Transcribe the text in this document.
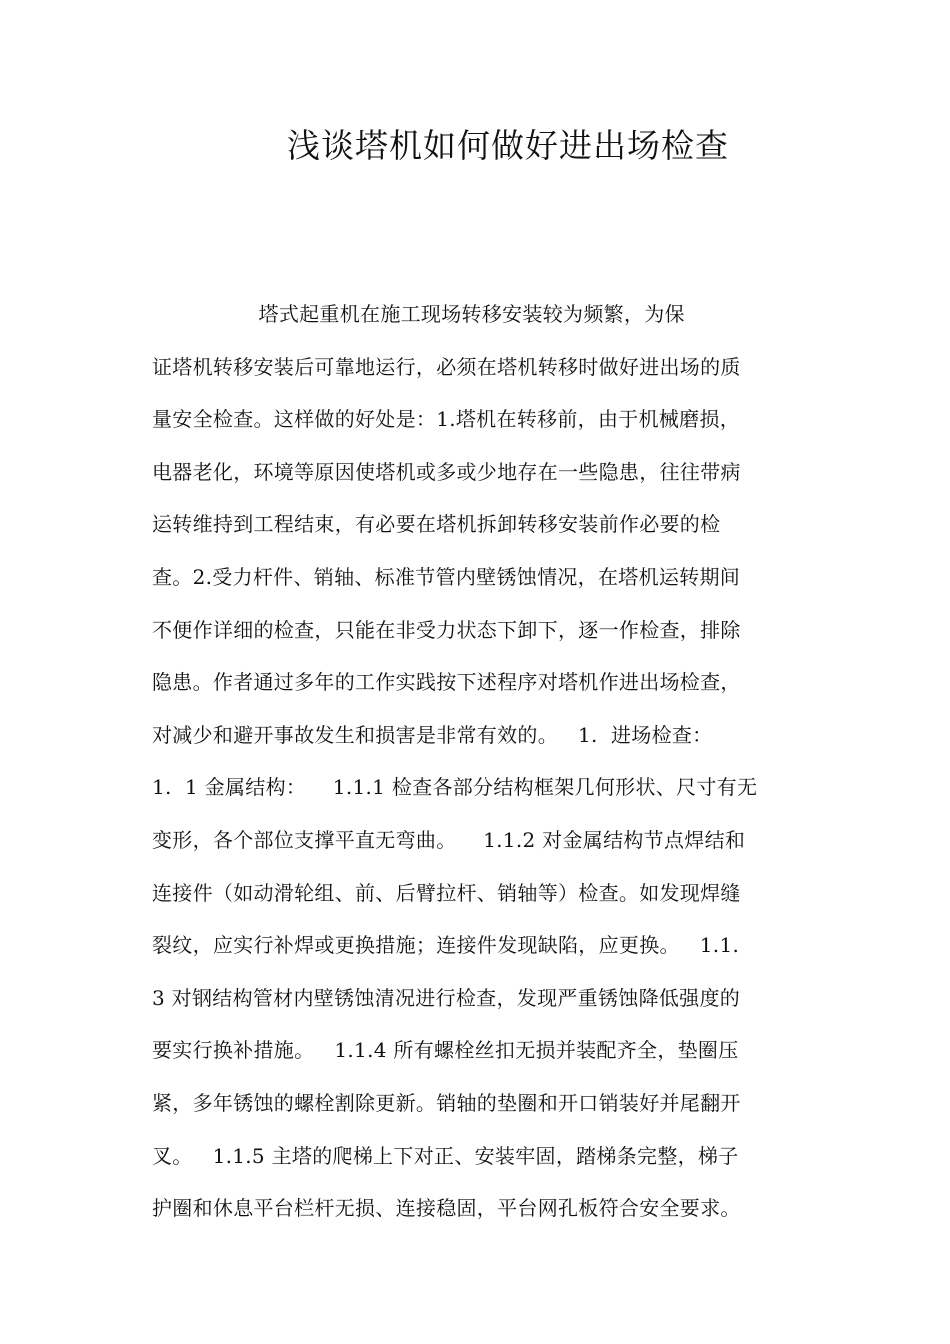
浅谈塔机如何做好进出场检查
塔式起重机在施工现场转移安装较为频繁，为保
证塔机转移安装后可靠地运行，必须在塔机转移时做好进出场的质
量安全检查。这样做的好处是：1.塔机在转移前，由于机械磨损，
电器老化，环境等原因使塔机或多或少地存在一些隐患，往往带病
运转维持到工程结束，有必要在塔机拆卸转移安装前作必要的检
查。2.受力杆件、销轴、标准节管内壁锈蚀情况，在塔机运转期间
不便作详细的检查，只能在非受力状态下卸下，逐一作检查，排除
隐患。作者通过多年的工作实践按下述程序对塔机作进出场检查，
对减少和避开事故发生和损害是非常有效的。   1.  进场检查：
1.  1 金属结构：    1.1.1 检查各部分结构框架几何形状、尺寸有无
变形，各个部位支撑平直无弯曲。    1.1.2 对金属结构节点焊结和
连接件（如动滑轮组、前、后臂拉杆、销轴等）检查。如发现焊缝
裂纹，应实行补焊或更换措施；连接件发现缺陷，应更换。   1.1.
3 对钢结构管材内壁锈蚀清况进行检查，发现严重锈蚀降低强度的
要实行换补措施。   1.1.4 所有螺栓丝扣无损并装配齐全，垫圈压
紧，多年锈蚀的螺栓割除更新。销轴的垫圈和开口销装好并尾翻开
叉。   1.1.5 主塔的爬梯上下对正、安装牢固，踏梯条完整，梯子
护圈和休息平台栏杆无损、连接稳固，平台网孔板符合安全要求。
